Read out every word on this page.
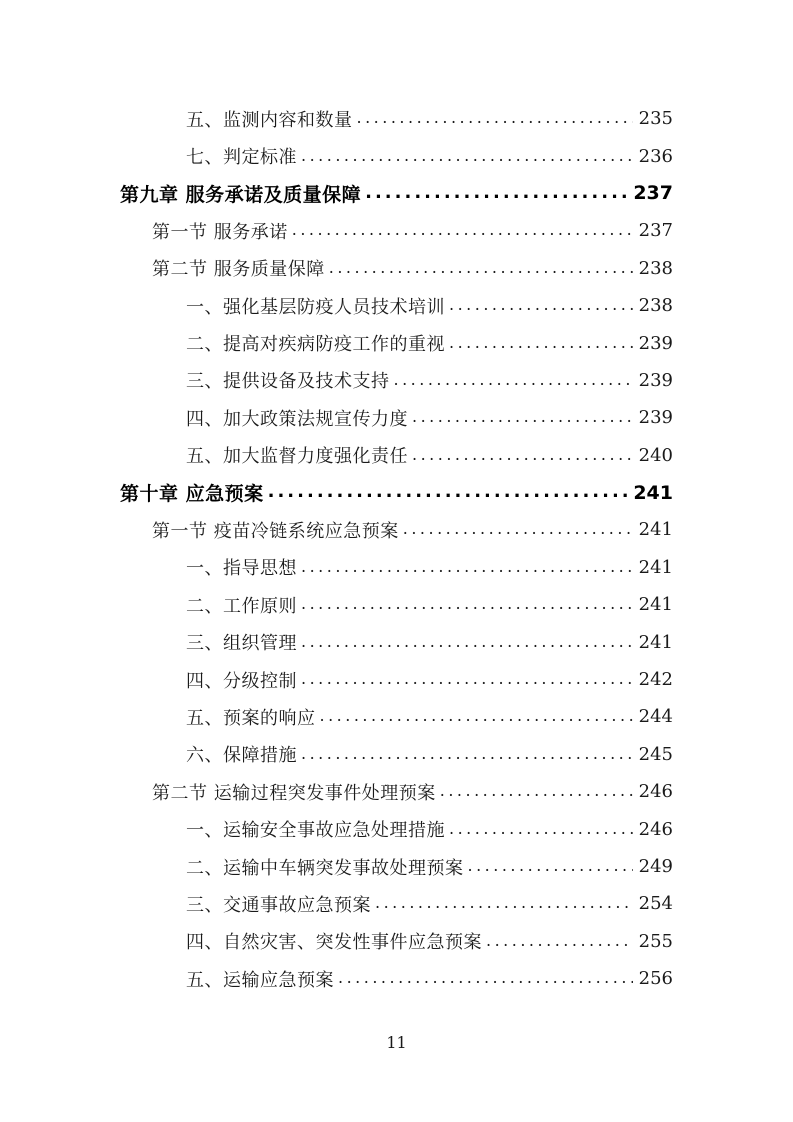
五、监测内容和数量 .....	235
七、判定标准 .....	236
第九章 服务承诺及质量保障 .....	237
第一节 服务承诺 .....	237
第二节 服务质量保障 .....	238
一、强化基层防疫人员技术培训 .....	238
二、提高对疾病防疫工作的重视 .....	239
三、提供设备及技术支持 .....	239
四、加大政策法规宣传力度 .....	239
五、加大监督力度强化责任 .....	240
第十章 应急预案 .....	241
第一节 疫苗冷链系统应急预案 .....	241
一、指导思想 .....	241
二、工作原则 .....	241
三、组织管理 .....	241
四、分级控制 .....	242
五、预案的响应 .....	244
六、保障措施 .....	245
第二节 运输过程突发事件处理预案 .....	246
一、运输安全事故应急处理措施 .....	246
二、运输中车辆突发事故处理预案 .....	249
三、交通事故应急预案 .....	254
四、自然灾害、突发性事件应急预案 .....	255
五、运输应急预案 .....	256
11
